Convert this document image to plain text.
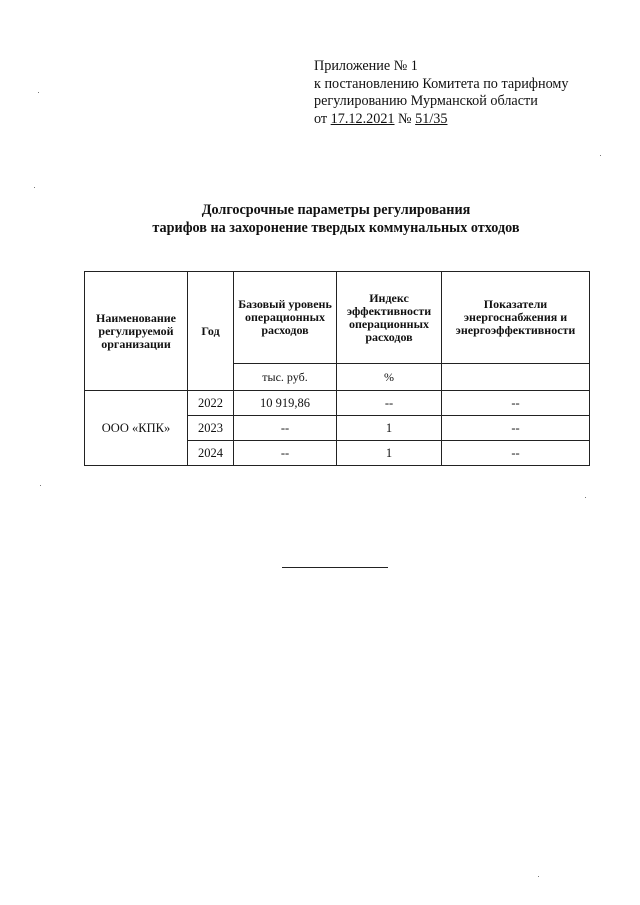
Приложение № 1
к постановлению Комитета по тарифному
регулированию Мурманской области
от 17.12.2021 № 51/35
Долгосрочные параметры регулирования
тарифов на захоронение твердых коммунальных отходов
Наименование регулируемой организации	Год	Базовый уровень операционных расходов	Индекс эффективности операционных расходов	Показатели энергоснабжения и энергоэффективности
		тыс. руб.	%	
ООО «КПК»	2022	10 919,86	--	--
	2023	--	1	--
	2024	--	1	--
